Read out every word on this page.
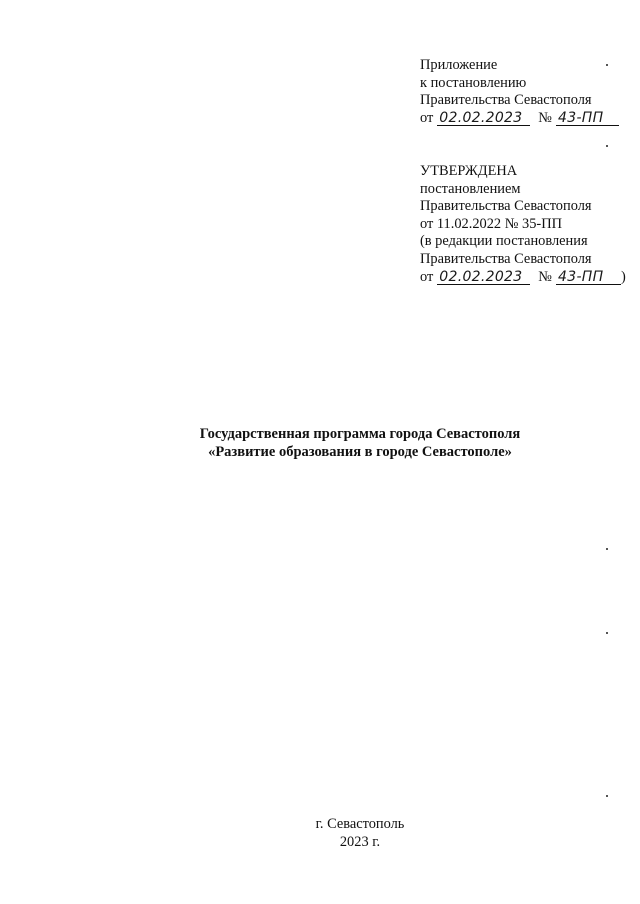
Приложение
к постановлению
Правительства Севастополя
от 02.02.2023 № 43-ПП
УТВЕРЖДЕНА
постановлением
Правительства Севастополя
от 11.02.2022 № 35-ПП
(в редакции постановления
Правительства Севастополя
от 02.02.2023 № 43-ПП )
Государственная программа города Севастополя
«Развитие образования в городе Севастополе»
г. Севастополь
2023 г.
